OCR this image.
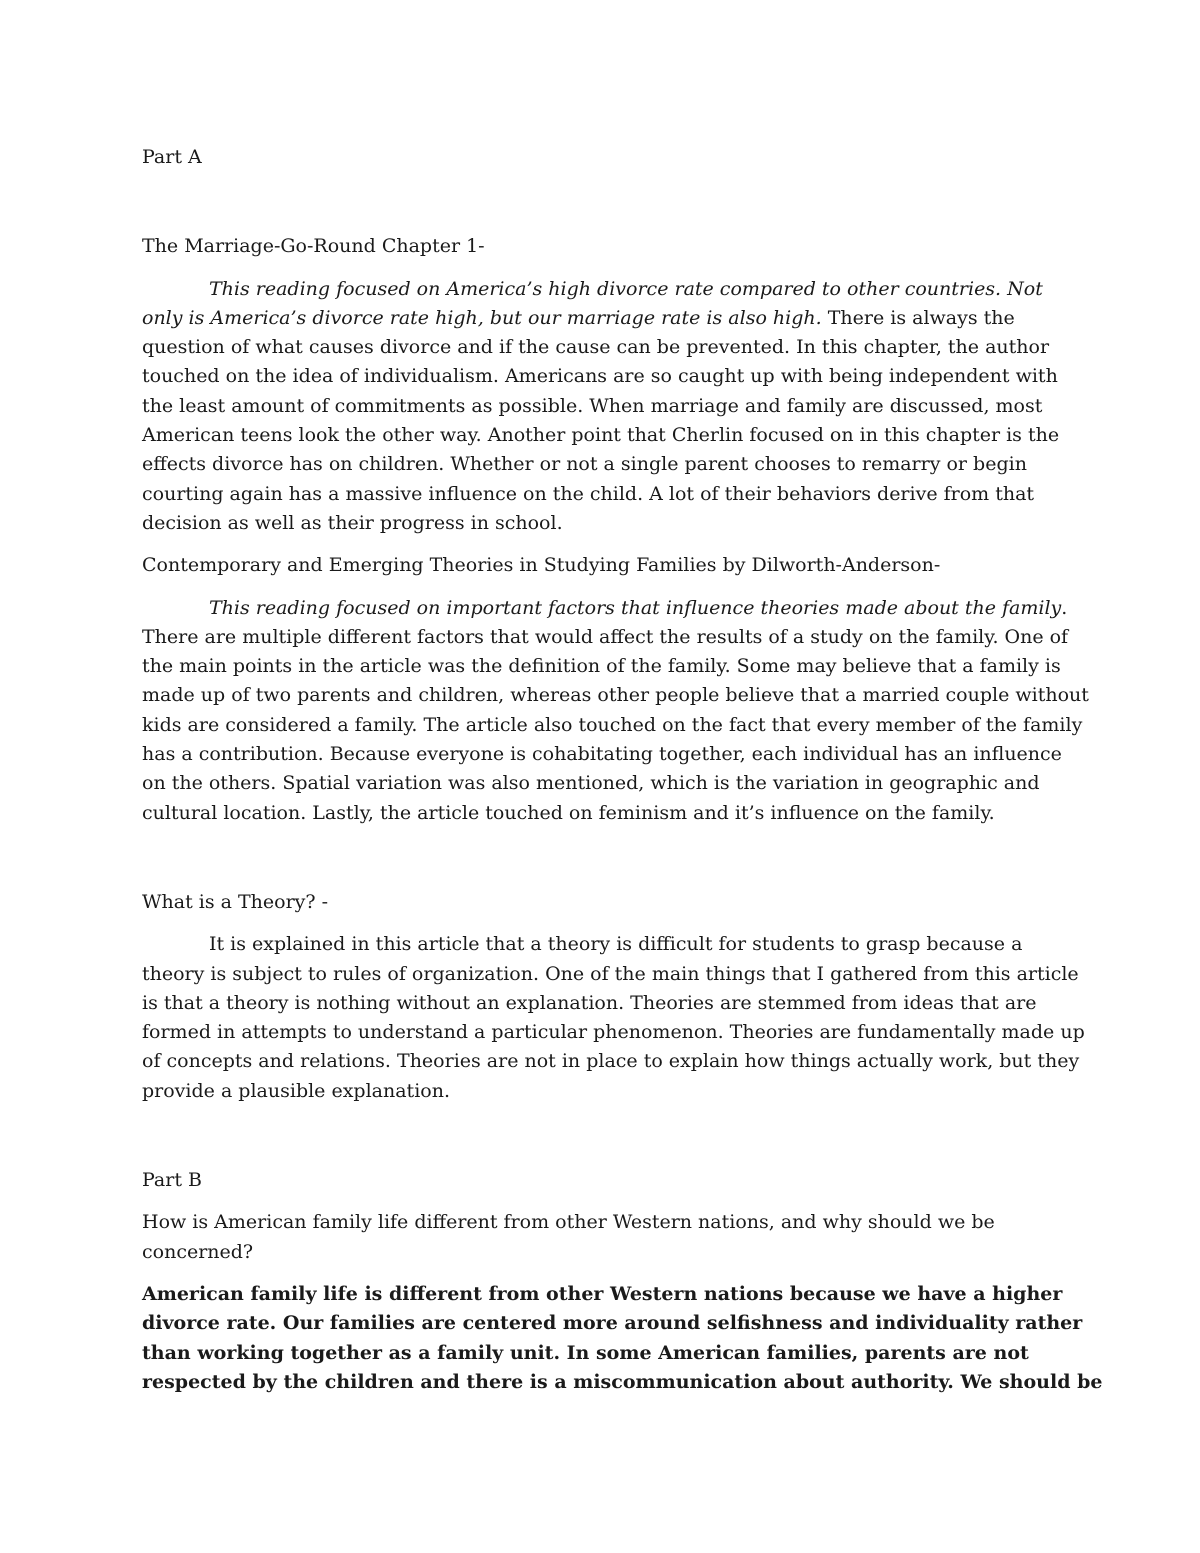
Part A
The Marriage-Go-Round Chapter 1-
This reading focused on America’s high divorce rate compared to other countries. Not
only is America’s divorce rate high, but our marriage rate is also high. There is always the
question of what causes divorce and if the cause can be prevented. In this chapter, the author
touched on the idea of individualism. Americans are so caught up with being independent with
the least amount of commitments as possible. When marriage and family are discussed, most
American teens look the other way. Another point that Cherlin focused on in this chapter is the
effects divorce has on children. Whether or not a single parent chooses to remarry or begin
courting again has a massive influence on the child. A lot of their behaviors derive from that
decision as well as their progress in school.
Contemporary and Emerging Theories in Studying Families by Dilworth-Anderson-
This reading focused on important factors that influence theories made about the family.
There are multiple different factors that would affect the results of a study on the family. One of
the main points in the article was the definition of the family. Some may believe that a family is
made up of two parents and children, whereas other people believe that a married couple without
kids are considered a family. The article also touched on the fact that every member of the family
has a contribution. Because everyone is cohabitating together, each individual has an influence
on the others. Spatial variation was also mentioned, which is the variation in geographic and
cultural location. Lastly, the article touched on feminism and it’s influence on the family.
What is a Theory? -
It is explained in this article that a theory is difficult for students to grasp because a
theory is subject to rules of organization. One of the main things that I gathered from this article
is that a theory is nothing without an explanation. Theories are stemmed from ideas that are
formed in attempts to understand a particular phenomenon. Theories are fundamentally made up
of concepts and relations. Theories are not in place to explain how things actually work, but they
provide a plausible explanation.
Part B
How is American family life different from other Western nations, and why should we be
concerned?
American family life is different from other Western nations because we have a higher
divorce rate. Our families are centered more around selfishness and individuality rather
than working together as a family unit. In some American families, parents are not
respected by the children and there is a miscommunication about authority. We should be
